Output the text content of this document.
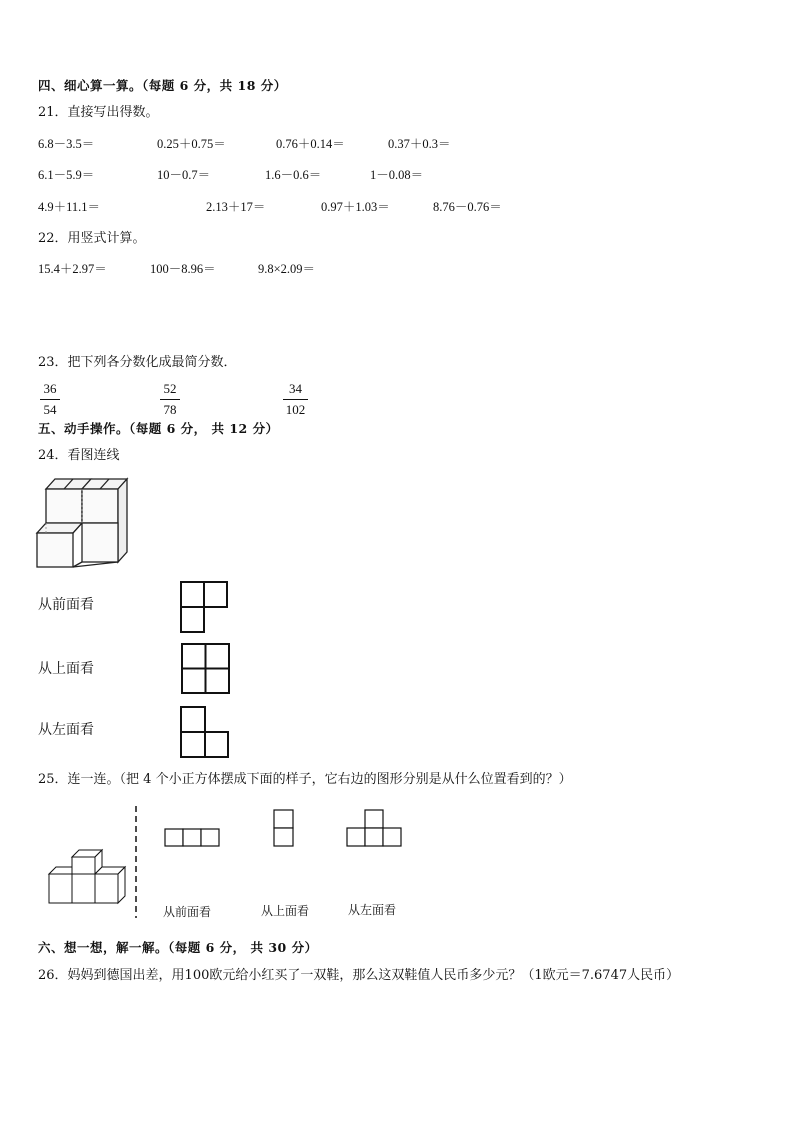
四、细心算一算。（每题 6 分，共 18 分）
21．直接写出得数。
6.8－3.5＝	0.25＋0.75＝	0.76＋0.14＝	0.37＋0.3＝
6.1－5.9＝	10－0.7＝	1.6－0.6＝	1－0.08＝
4.9＋11.1＝	2.13＋17＝	0.97＋1.03＝	8.76－0.76＝
22．用竖式计算。
15.4＋2.97＝	100－8.96＝	9.8×2.09＝
23．把下列各分数化成最简分数．
36
54
52
78
34
102
五、动手操作。（每题 6 分， 共 12 分）
24．看图连线
从前面看
从上面看
从左面看
25．连一连。（把 4 个小正方体摆成下面的样子，它右边的图形分别是从什么位置看到的？）
从前面看	从上面看	从左面看
六、想一想，解一解。（每题 6 分， 共 30 分）
26．妈妈到德国出差，用100欧元给小红买了一双鞋，那么这双鞋值人民币多少元？（1欧元＝7.6747人民币）
